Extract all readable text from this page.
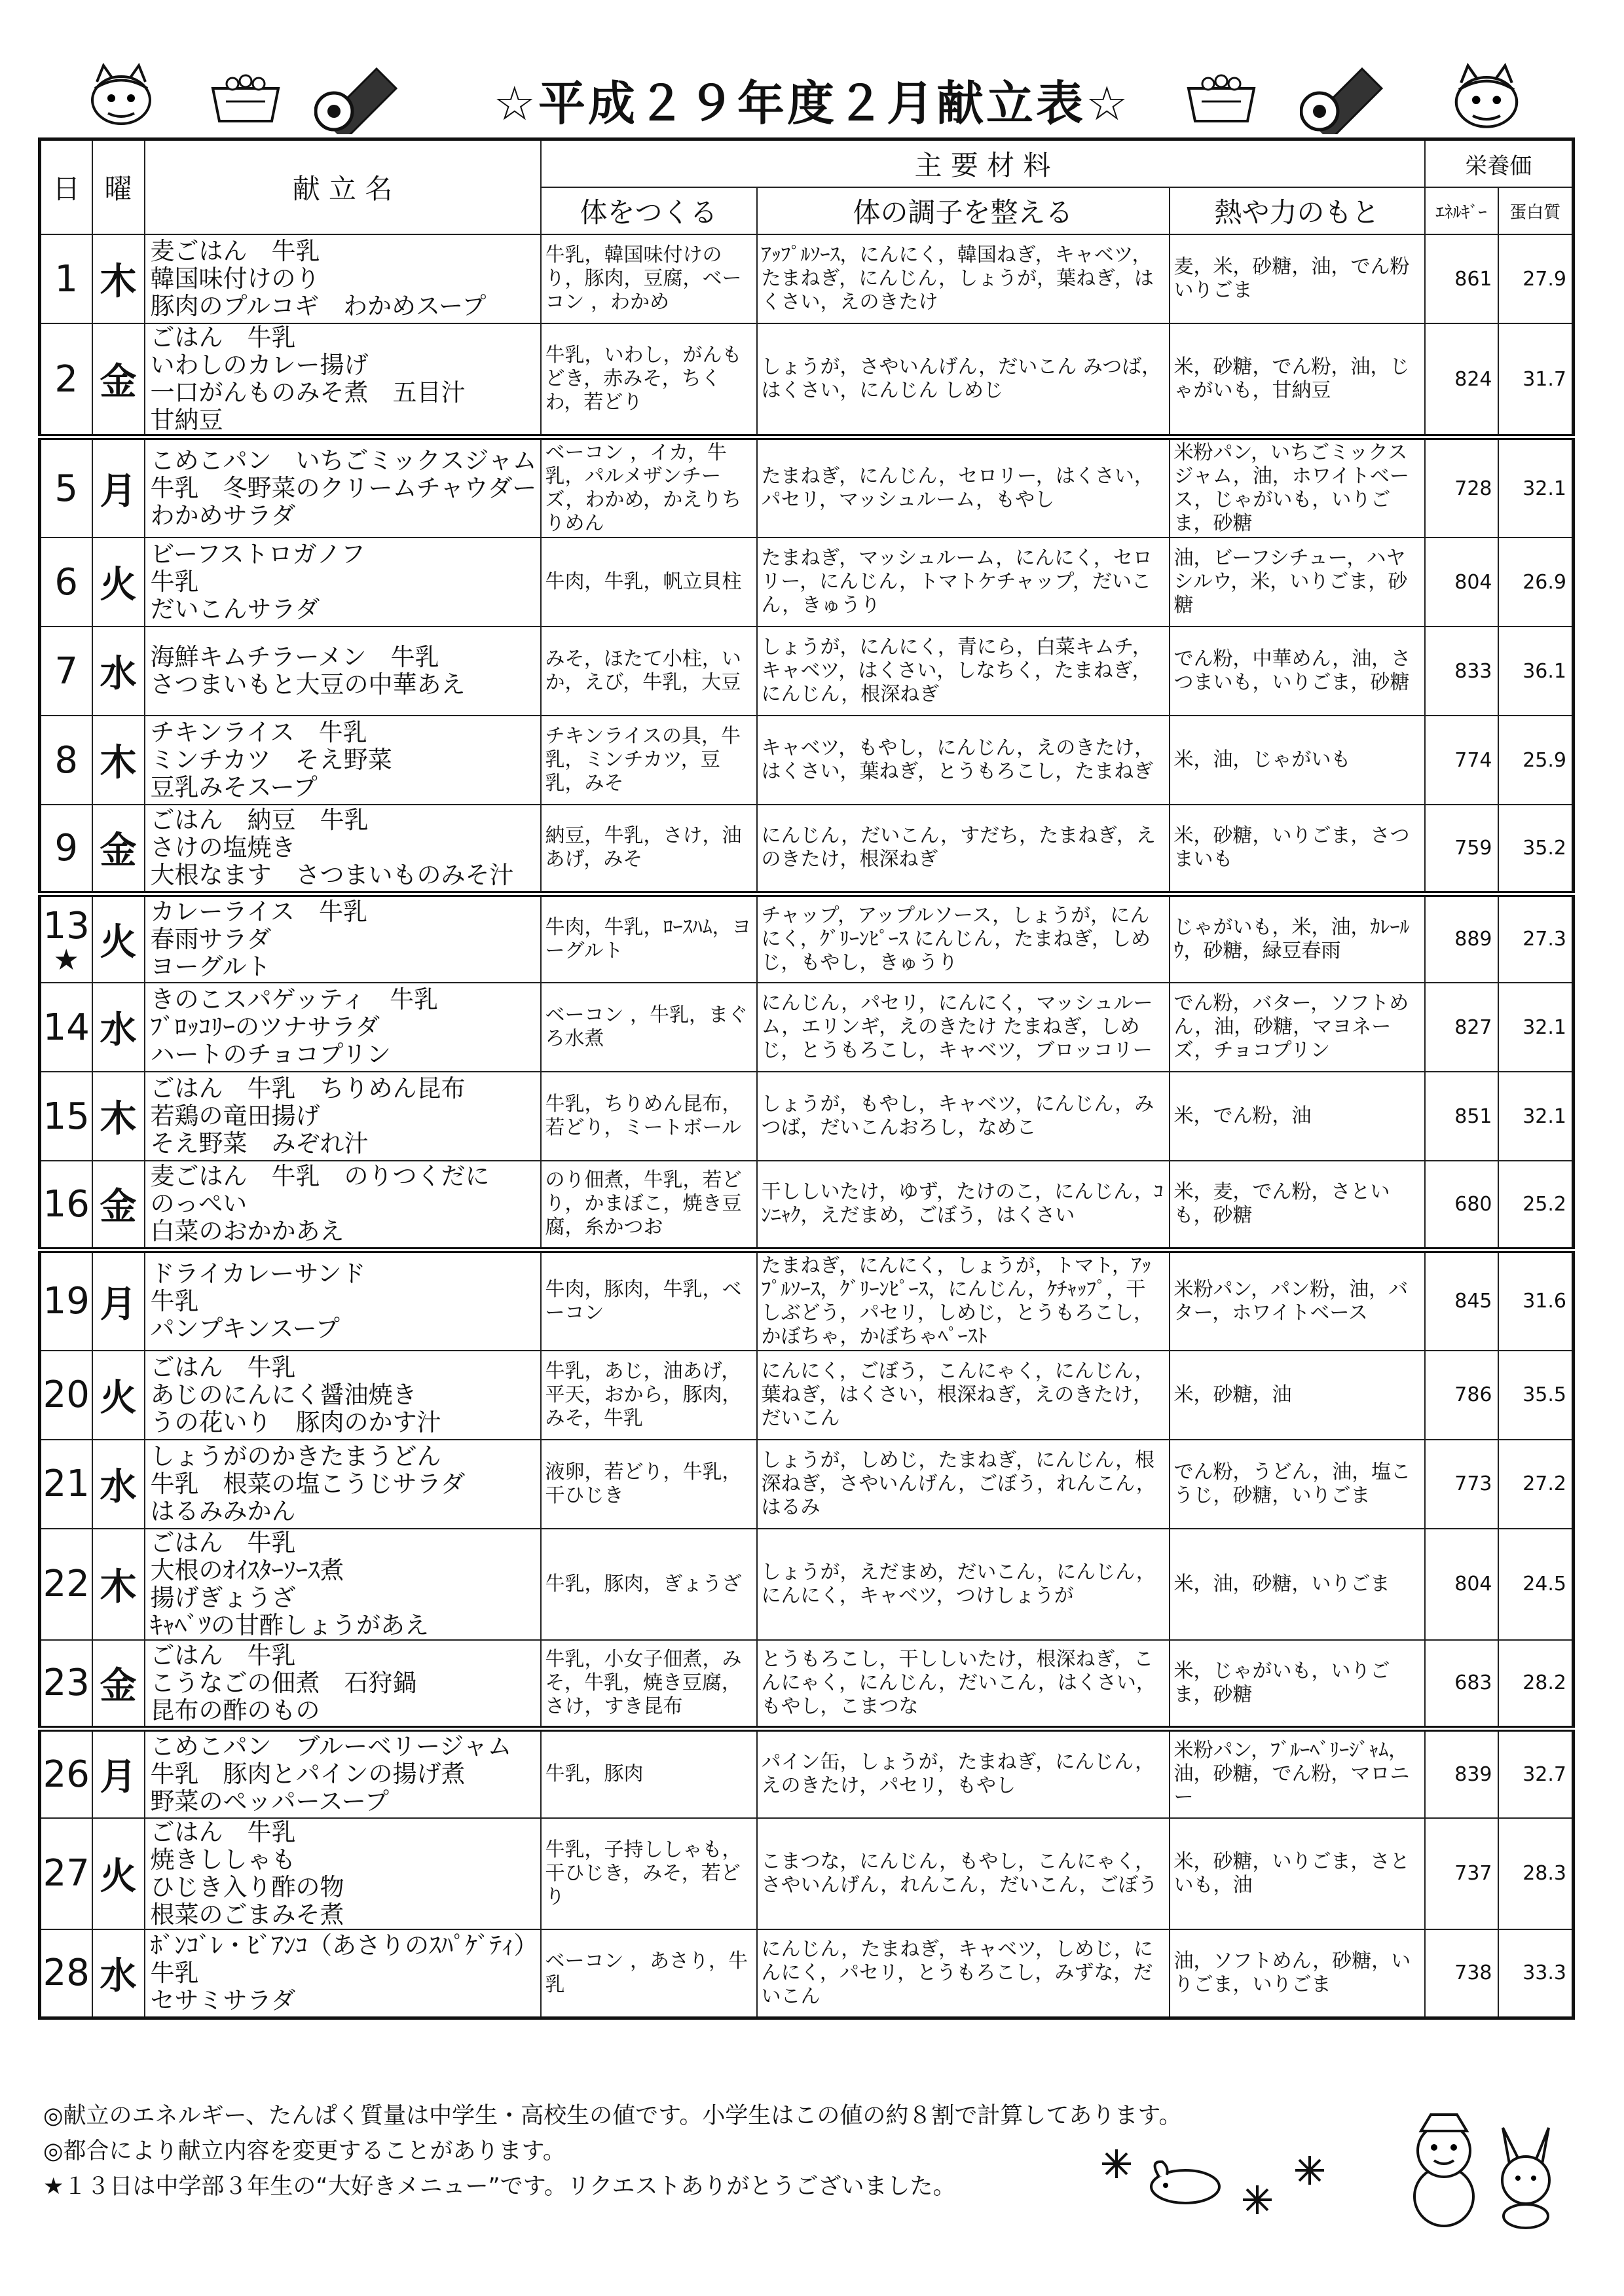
☆平成２９年度２月献立表☆
日	曜	献 立 名	主 要 材 料			栄養価	
			体をつくる	体の調子を整える	熱や力のもと	ｴﾈﾙｷﾞｰ	蛋白質
1	木	麦ごはん　牛乳
韓国味付けのり
豚肉のプルコギ　わかめスープ	牛乳，韓国味付けのり，豚肉，豆腐，ベーコン ，わかめ	ｱｯﾌﾟﾙｿｰｽ，にんにく，韓国ねぎ，キャベツ，たまねぎ，にんじん，しょうが，葉ねぎ，はくさい，えのきたけ	麦，米，砂糖，油，でん粉 いりごま	861	27.9
2	金	ごはん　牛乳
いわしのカレー揚げ
一口がんものみそ煮　五目汁
甘納豆	牛乳，いわし，がんもどき，赤みそ，ちくわ，若どり	しょうが，さやいんげん，だいこん みつば，はくさい，にんじん しめじ	米，砂糖，でん粉，油，じゃがいも，甘納豆	824	31.7
5	月	こめこパン　いちごミックスジャム
牛乳　冬野菜のクリームチャウダー
わかめサラダ	ベーコン ，イカ，牛乳，パルメザンチーズ，わかめ，かえりちりめん	たまねぎ，にんじん，セロリー，はくさい，パセリ，マッシュルーム，もやし	米粉パン，いちごミックスジャム，油，ホワイトベース，じゃがいも，いりごま，砂糖	728	32.1
6	火	ビーフストロガノフ
牛乳
だいこんサラダ	牛肉，牛乳，帆立貝柱	たまねぎ，マッシュルーム，にんにく，セロリー，にんじん，トマトケチャップ，だいこん，きゅうり	油，ビーフシチュー，ハヤシルウ，米，いりごま，砂糖	804	26.9
7	水	海鮮キムチラーメン　牛乳
さつまいもと大豆の中華あえ	みそ，ほたて小柱，いか，えび，牛乳，大豆	しょうが，にんにく，青にら，白菜キムチ，キャベツ，はくさい，しなちく，たまねぎ，にんじん，根深ねぎ	でん粉，中華めん，油，さつまいも，いりごま，砂糖	833	36.1
8	木	チキンライス　牛乳
ミンチカツ　そえ野菜
豆乳みそスープ	チキンライスの具，牛乳，ミンチカツ，豆乳，みそ	キャベツ，もやし，にんじん，えのきたけ，はくさい，葉ねぎ，とうもろこし，たまねぎ	米，油，じゃがいも	774	25.9
9	金	ごはん　納豆　牛乳
さけの塩焼き
大根なます　さつまいものみそ汁	納豆，牛乳，さけ，油あげ，みそ	にんじん，だいこん，すだち，たまねぎ，えのきたけ，根深ねぎ	米，砂糖，いりごま，さつまいも	759	35.2
13
★	火	カレーライス　牛乳
春雨サラダ
ヨーグルト	牛肉，牛乳，ﾛｰｽﾊﾑ，ヨーグルト	チャップ，アップルソース，しょうが，にんにく，ｸﾞﾘｰﾝﾋﾟｰｽ にんじん，たまねぎ，しめじ，もやし，きゅうり	じゃがいも，米，油，ｶﾚｰﾙｳ，砂糖，緑豆春雨	889	27.3
14	水	きのこスパゲッティ　牛乳
ﾌﾞﾛｯｺﾘｰのツナサラダ
ハートのチョコプリン	ベーコン ，牛乳，まぐろ水煮	にんじん，パセリ，にんにく，マッシュルーム，エリンギ，えのきたけ たまねぎ，しめじ，とうもろこし，キャベツ，ブロッコリー	でん粉，バター，ソフトめん，油，砂糖，マヨネーズ，チョコプリン	827	32.1
15	木	ごはん　牛乳　ちりめん昆布
若鶏の竜田揚げ
そえ野菜　みぞれ汁	牛乳，ちりめん昆布，若どり，ミートボール	しょうが，もやし，キャベツ，にんじん，みつば，だいこんおろし，なめこ	米，でん粉，油	851	32.1
16	金	麦ごはん　牛乳　のりつくだに
のっぺい
白菜のおかかあえ	のり佃煮，牛乳，若どり，かまぼこ，焼き豆腐，糸かつお	干ししいたけ，ゆず，たけのこ，にんじん，ｺﾝﾆｬｸ，えだまめ，ごぼう，はくさい	米，麦，でん粉，さといも，砂糖	680	25.2
19	月	ドライカレーサンド
牛乳
パンプキンスープ	牛肉，豚肉，牛乳，ベーコン	たまねぎ，にんにく，しょうが，トマト，ｱｯﾌﾟﾙｿｰｽ，ｸﾞﾘｰﾝﾋﾟｰｽ，にんじん，ｹﾁｬｯﾌﾟ，干しぶどう，パセリ，しめじ，とうもろこし，かぼちゃ，かぼちゃﾍﾟｰｽﾄ	米粉パン，パン粉，油，バター，ホワイトベース	845	31.6
20	火	ごはん　牛乳
あじのにんにく醤油焼き
うの花いり　豚肉のかす汁	牛乳，あじ，油あげ，平天，おから，豚肉，みそ，牛乳	にんにく，ごぼう，こんにゃく，にんじん，葉ねぎ，はくさい，根深ねぎ，えのきたけ，だいこん	米，砂糖，油	786	35.5
21	水	しょうがのかきたまうどん
牛乳　根菜の塩こうじサラダ
はるみみかん	液卵，若どり，牛乳，干ひじき	しょうが，しめじ，たまねぎ，にんじん，根深ねぎ，さやいんげん，ごぼう，れんこん，はるみ	でん粉，うどん，油，塩こうじ，砂糖，いりごま	773	27.2
22	木	ごはん　牛乳
大根のｵｲｽﾀｰｿｰｽ煮
揚げぎょうざ
ｷｬﾍﾞﾂの甘酢しょうがあえ	牛乳，豚肉，ぎょうざ	しょうが，えだまめ，だいこん，にんじん，にんにく，キャベツ，つけしょうが	米，油，砂糖，いりごま	804	24.5
23	金	ごはん　牛乳
こうなごの佃煮　石狩鍋
昆布の酢のもの	牛乳，小女子佃煮，みそ，牛乳，焼き豆腐，さけ，すき昆布	とうもろこし，干ししいたけ，根深ねぎ，こんにゃく，にんじん，だいこん，はくさい，もやし，こまつな	米，じゃがいも，いりごま，砂糖	683	28.2
26	月	こめこパン　ブルーベリージャム
牛乳　豚肉とパインの揚げ煮
野菜のペッパースープ	牛乳，豚肉	パイン缶，しょうが，たまねぎ，にんじん，えのきたけ，パセリ，もやし	米粉パン，ﾌﾞﾙｰﾍﾞﾘｰｼﾞｬﾑ，油，砂糖，でん粉，マロニー	839	32.7
27	火	ごはん　牛乳
焼きししゃも
ひじき入り酢の物
根菜のごまみそ煮	牛乳，子持ししゃも，干ひじき，みそ，若どり	こまつな，にんじん，もやし，こんにゃく，さやいんげん，れんこん，だいこん，ごぼう	米，砂糖，いりごま，さといも，油	737	28.3
28	水	ﾎﾞﾝｺﾞﾚ・ﾋﾞｱﾝｺ（あさりのｽﾊﾟｹﾞﾃｨ）
牛乳
セサミサラダ	ベーコン ，あさり，牛乳	にんじん，たまねぎ，キャベツ，しめじ，にんにく，パセリ，とうもろこし，みずな，だいこん	油，ソフトめん，砂糖，いりごま，いりごま	738	33.3
◎献立のエネルギー、たんぱく質量は中学生・高校生の値です。小学生はこの値の約８割で計算してあります。
◎都合により献立内容を変更することがあります。
★１３日は中学部３年生の“大好きメニュー”です。リクエストありがとうございました。
